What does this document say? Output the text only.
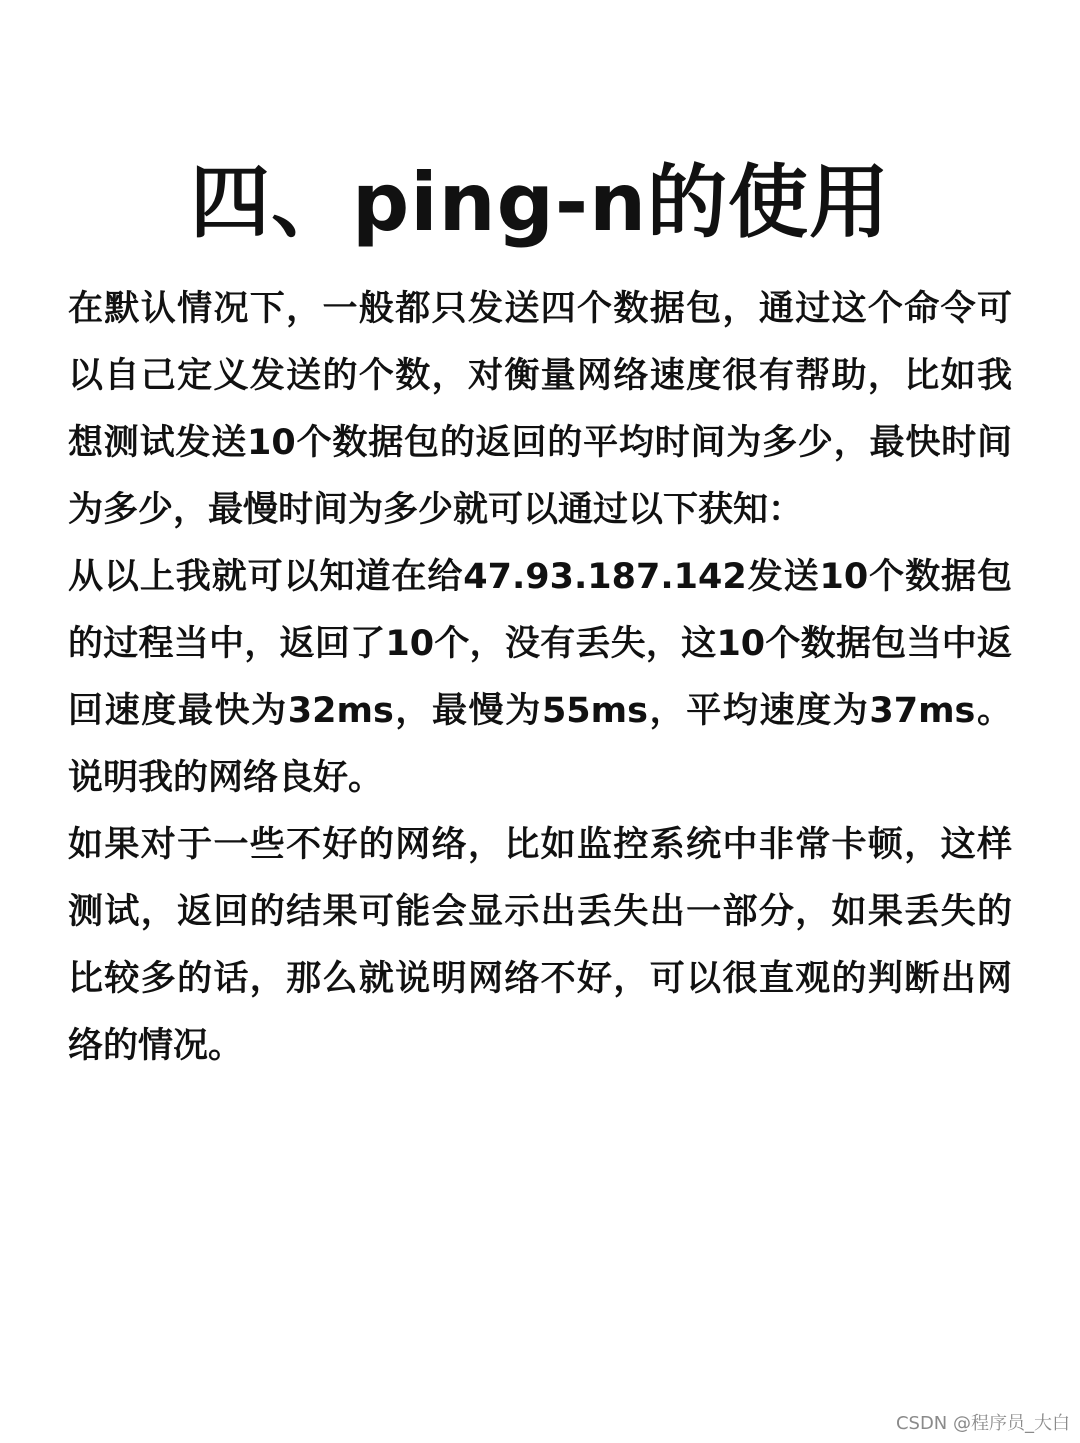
四、ping-n的使用

在默认情况下，一般都只发送四个数据包，通过这个命令可以自己定义发送的个数，对衡量网络速度很有帮助，比如我想测试发送10个数据包的返回的平均时间为多少，最快时间为多少，最慢时间为多少就可以通过以下获知：

从以上我就可以知道在给47.93.187.142发送10个数据包的过程当中，返回了10个，没有丢失，这10个数据包当中返回速度最快为32ms，最慢为55ms，平均速度为37ms。说明我的网络良好。

如果对于一些不好的网络，比如监控系统中非常卡顿，这样测试，返回的结果可能会显示出丢失出一部分，如果丢失的比较多的话，那么就说明网络不好，可以很直观的判断出网络的情况。

CSDN @程序员_大白
